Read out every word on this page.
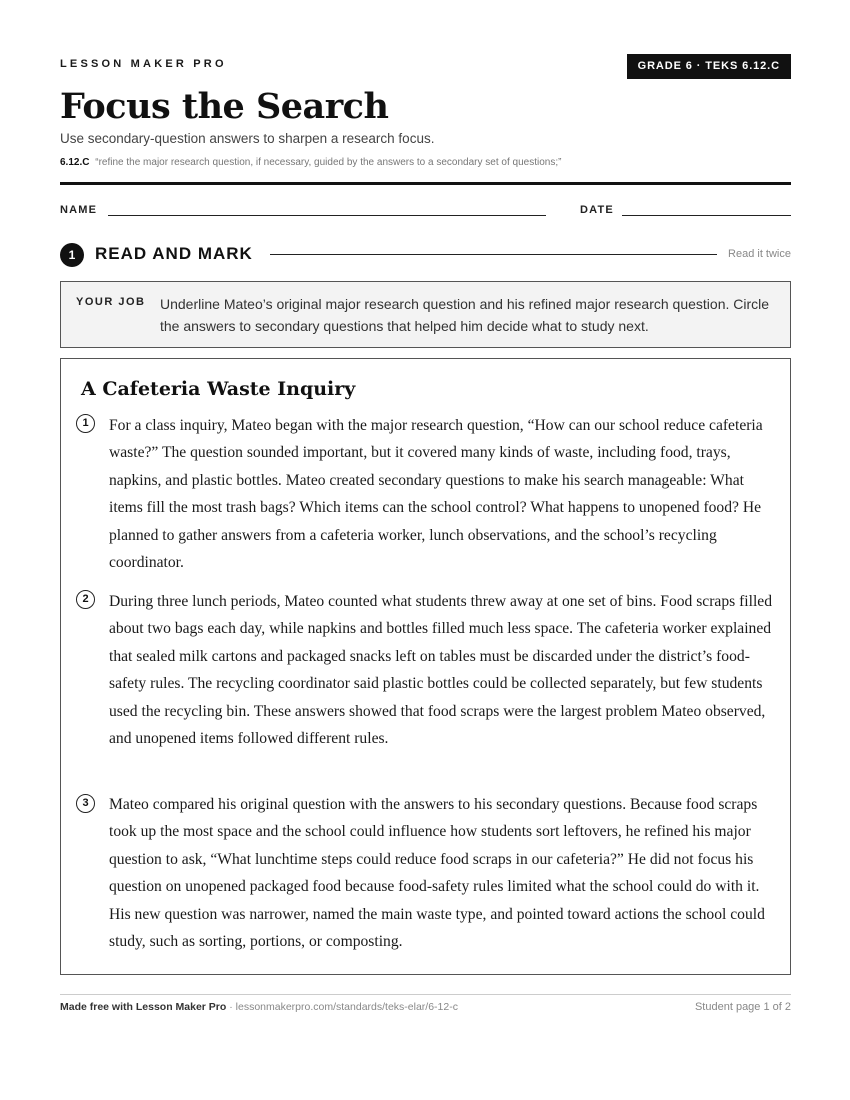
LESSON MAKER PRO	GRADE 6 · TEKS 6.12.C
Focus the Search
Use secondary-question answers to sharpen a research focus.
6.12.C “refine the major research question, if necessary, guided by the answers to a secondary set of questions;”
NAME	DATE
1	READ AND MARK	Read it twice
YOUR JOB Underline Mateo’s original major research question and his refined major research question. Circle the answers to secondary questions that helped him decide what to study next.
A Cafeteria Waste Inquiry
1	For a class inquiry, Mateo began with the major research question, “How can our school reduce cafeteria waste?” The question sounded important, but it covered many kinds of waste, including food, trays, napkins, and plastic bottles. Mateo created secondary questions to make his search manageable: What items fill the most trash bags? Which items can the school control? What happens to unopened food? He planned to gather answers from a cafeteria worker, lunch observations, and the school’s recycling coordinator.
2	During three lunch periods, Mateo counted what students threw away at one set of bins. Food scraps filled about two bags each day, while napkins and bottles filled much less space. The cafeteria worker explained that sealed milk cartons and packaged snacks left on tables must be discarded under the district’s food-safety rules. The recycling coordinator said plastic bottles could be collected separately, but few students used the recycling bin. These answers showed that food scraps were the largest problem Mateo observed, and unopened items followed different rules.
3	Mateo compared his original question with the answers to his secondary questions. Because food scraps took up the most space and the school could influence how students sort leftovers, he refined his major question to ask, “What lunchtime steps could reduce food scraps in our cafeteria?” He did not focus his question on unopened packaged food because food-safety rules limited what the school could do with it. His new question was narrower, named the main waste type, and pointed toward actions the school could study, such as sorting, portions, or composting.
Made free with Lesson Maker Pro · lessonmakerpro.com/standards/teks-elar/6-12-c	Student page 1 of 2
